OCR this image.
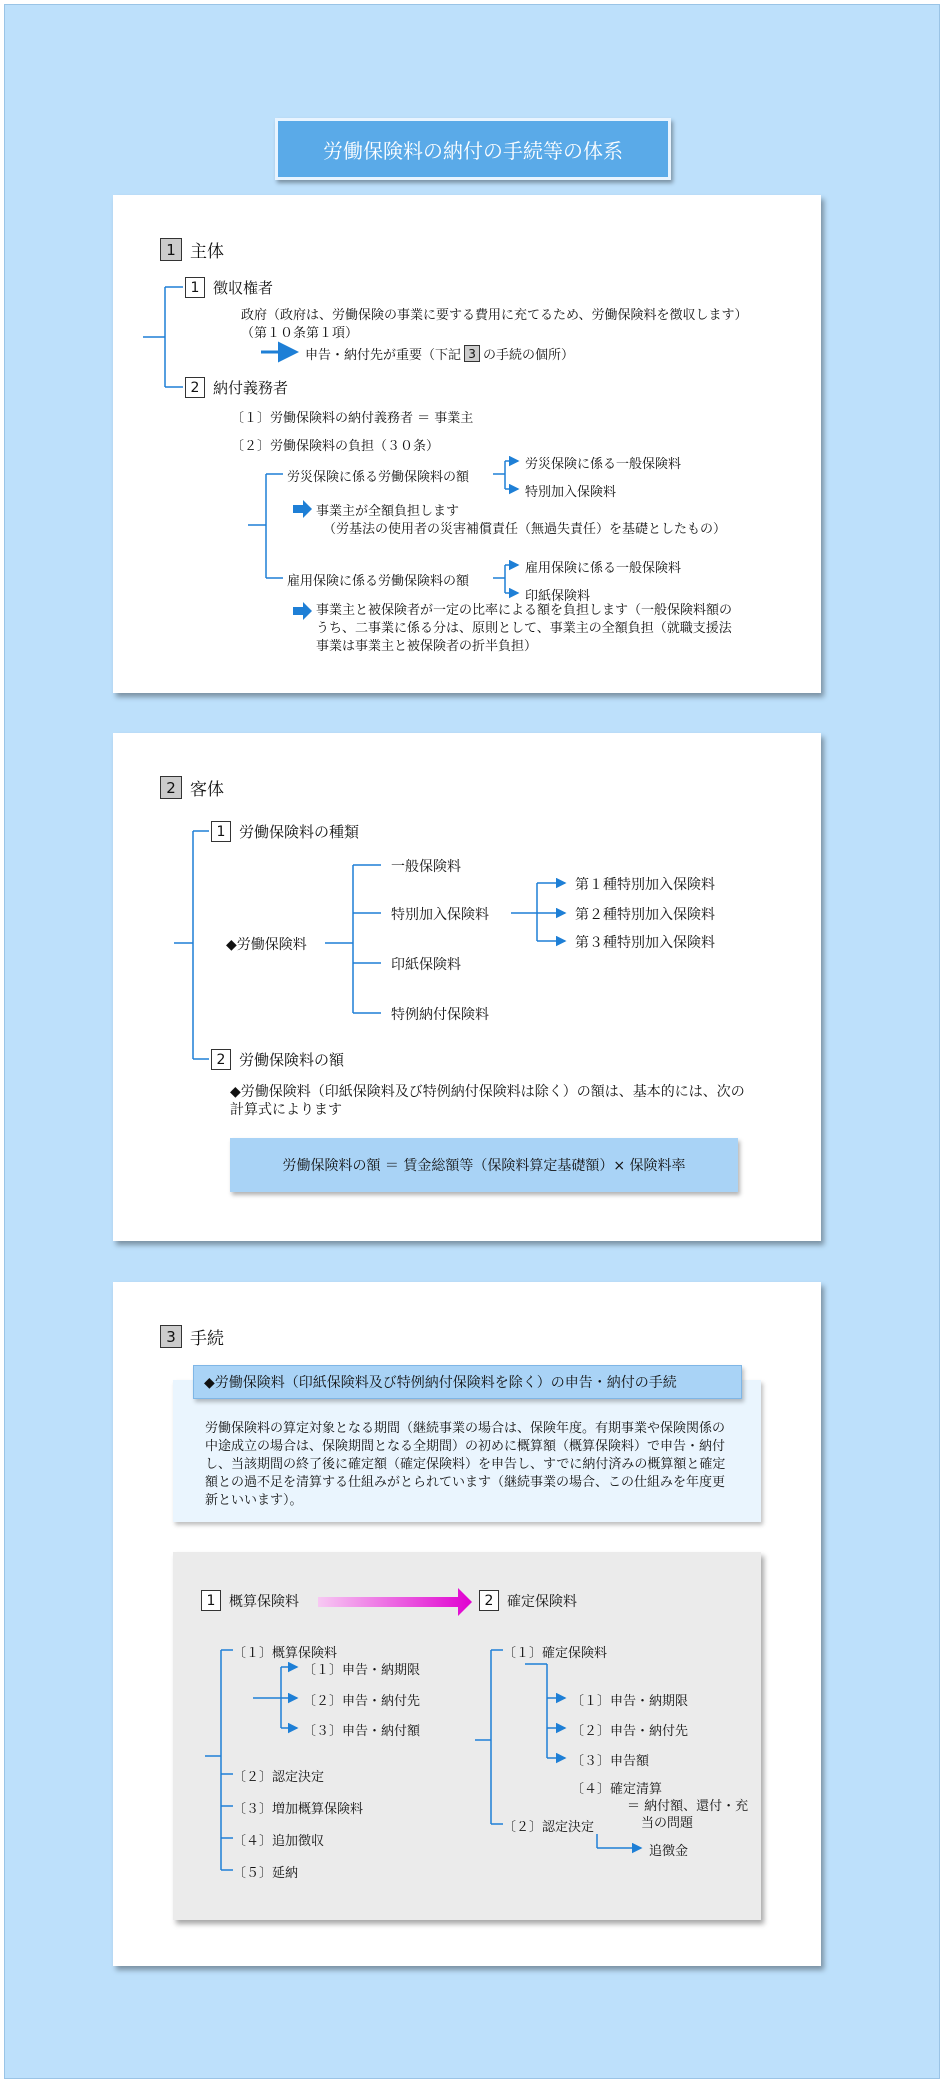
労働保険料の納付の手続等の体系
1 主体
1 徴収権者
政府（政府は、労働保険の事業に要する費用に充てるため、労働保険料を徴収します）（第１０条第１項）
申告・納付先が重要（下記 3 の手続の個所）
2 納付義務者
〔１〕労働保険料の納付義務者 ＝ 事業主
〔２〕労働保険料の負担（３０条）
労災保険に係る労働保険料の額
労災保険に係る一般保険料
特別加入保険料
事業主が全額負担します
（労基法の使用者の災害補償責任（無過失責任）を基礎としたもの）
雇用保険に係る労働保険料の額
雇用保険に係る一般保険料
印紙保険料
事業主と被保険者が一定の比率による額を負担します（一般保険料額のうち、二事業に係る分は、原則として、事業主の全額負担（就職支援法事業は事業主と被保険者の折半負担）
2 客体
1 労働保険料の種類
◆労働保険料
一般保険料
特別加入保険料
印紙保険料
特例納付保険料
第１種特別加入保険料
第２種特別加入保険料
第３種特別加入保険料
2 労働保険料の額
◆労働保険料（印紙保険料及び特例納付保険料は除く）の額は、基本的には、次の計算式によります
労働保険料の額 ＝ 賃金総額等（保険料算定基礎額）× 保険料率
3 手続
労働保険料の算定対象となる期間（継続事業の場合は、保険年度。有期事業や保険関係の中途成立の場合は、保険期間となる全期間）の初めに概算額（概算保険料）で申告・納付し、当該期間の終了後に確定額（確定保険料）を申告し、すでに納付済みの概算額と確定額との過不足を清算する仕組みがとられています（継続事業の場合、この仕組みを年度更新といいます）。
◆労働保険料（印紙保険料及び特例納付保険料を除く）の申告・納付の手続
1 概算保険料	2 確定保険料
〔１〕概算保険料
〔１〕申告・納期限
〔２〕申告・納付先
〔３〕申告・納付額
〔２〕認定決定
〔３〕増加概算保険料
〔４〕追加徴収
〔５〕延納
〔１〕確定保険料
〔１〕申告・納期限
〔２〕申告・納付先
〔３〕申告額
〔４〕確定清算
＝ 納付額、還付・充
当の問題
〔２〕認定決定
追徴金
